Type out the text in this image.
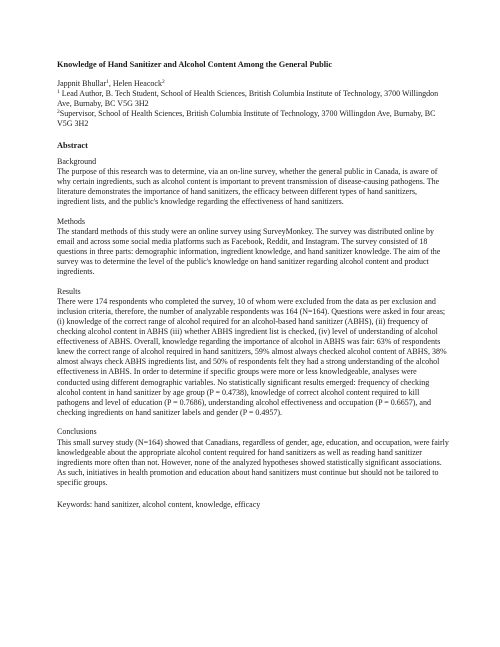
Knowledge of Hand Sanitizer and Alcohol Content Among the General Public
Jappnit Bhullar$^1$, Helen Heacock$^2$
$^1$ Lead Author, B. Tech Student, School of Health Sciences, British Columbia Institute of Technology, 3700 Willingdon Ave, Burnaby, BC V5G 3H2
$^2$Supervisor, School of Health Sciences, British Columbia Institute of Technology, 3700 Willingdon Ave, Burnaby, BC V5G 3H2
Abstract
Background
The purpose of this research was to determine, via an on-line survey, whether the general public in Canada, is aware of why certain ingredients, such as alcohol content is important to prevent transmission of disease-causing pathogens. The literature demonstrates the importance of hand sanitizers, the efficacy between different types of hand sanitizers, ingredient lists, and the public's knowledge regarding the effectiveness of hand sanitizers.
Methods
The standard methods of this study were an online survey using SurveyMonkey. The survey was distributed online by email and across some social media platforms such as Facebook, Reddit, and Instagram. The survey consisted of 18 questions in three parts: demographic information, ingredient knowledge, and hand sanitizer knowledge. The aim of the survey was to determine the level of the public's knowledge on hand sanitizer regarding alcohol content and product ingredients.
Results
There were 174 respondents who completed the survey, 10 of whom were excluded from the data as per exclusion and inclusion criteria, therefore, the number of analyzable respondents was 164 (N=164). Questions were asked in four areas; (i) knowledge of the correct range of alcohol required for an alcohol-based hand sanitizer (ABHS), (ii) frequency of checking alcohol content in ABHS (iii) whether ABHS ingredient list is checked, (iv) level of understanding of alcohol effectiveness of ABHS. Overall, knowledge regarding the importance of alcohol in ABHS was fair: 63% of respondents knew the correct range of alcohol required in hand sanitizers, 59% almost always checked alcohol content of ABHS, 38% almost always check ABHS ingredients list, and 50% of respondents felt they had a strong understanding of the alcohol effectiveness in ABHS. In order to determine if specific groups were more or less knowledgeable, analyses were conducted using different demographic variables. No statistically significant results emerged: frequency of checking alcohol content in hand sanitizer by age group (P = 0.4738), knowledge of correct alcohol content required to kill pathogens and level of education (P = 0.7686), understanding alcohol effectiveness and occupation (P = 0.6657), and checking ingredients on hand sanitizer labels and gender (P = 0.4957).
Conclusions
This small survey study (N=164) showed that Canadians, regardless of gender, age, education, and occupation, were fairly knowledgeable about the appropriate alcohol content required for hand sanitizers as well as reading hand sanitizer ingredients more often than not. However, none of the analyzed hypotheses showed statistically significant associations. As such, initiatives in health promotion and education about hand sanitizers must continue but should not be tailored to specific groups.
Keywords: hand sanitizer, alcohol content, knowledge, efficacy
